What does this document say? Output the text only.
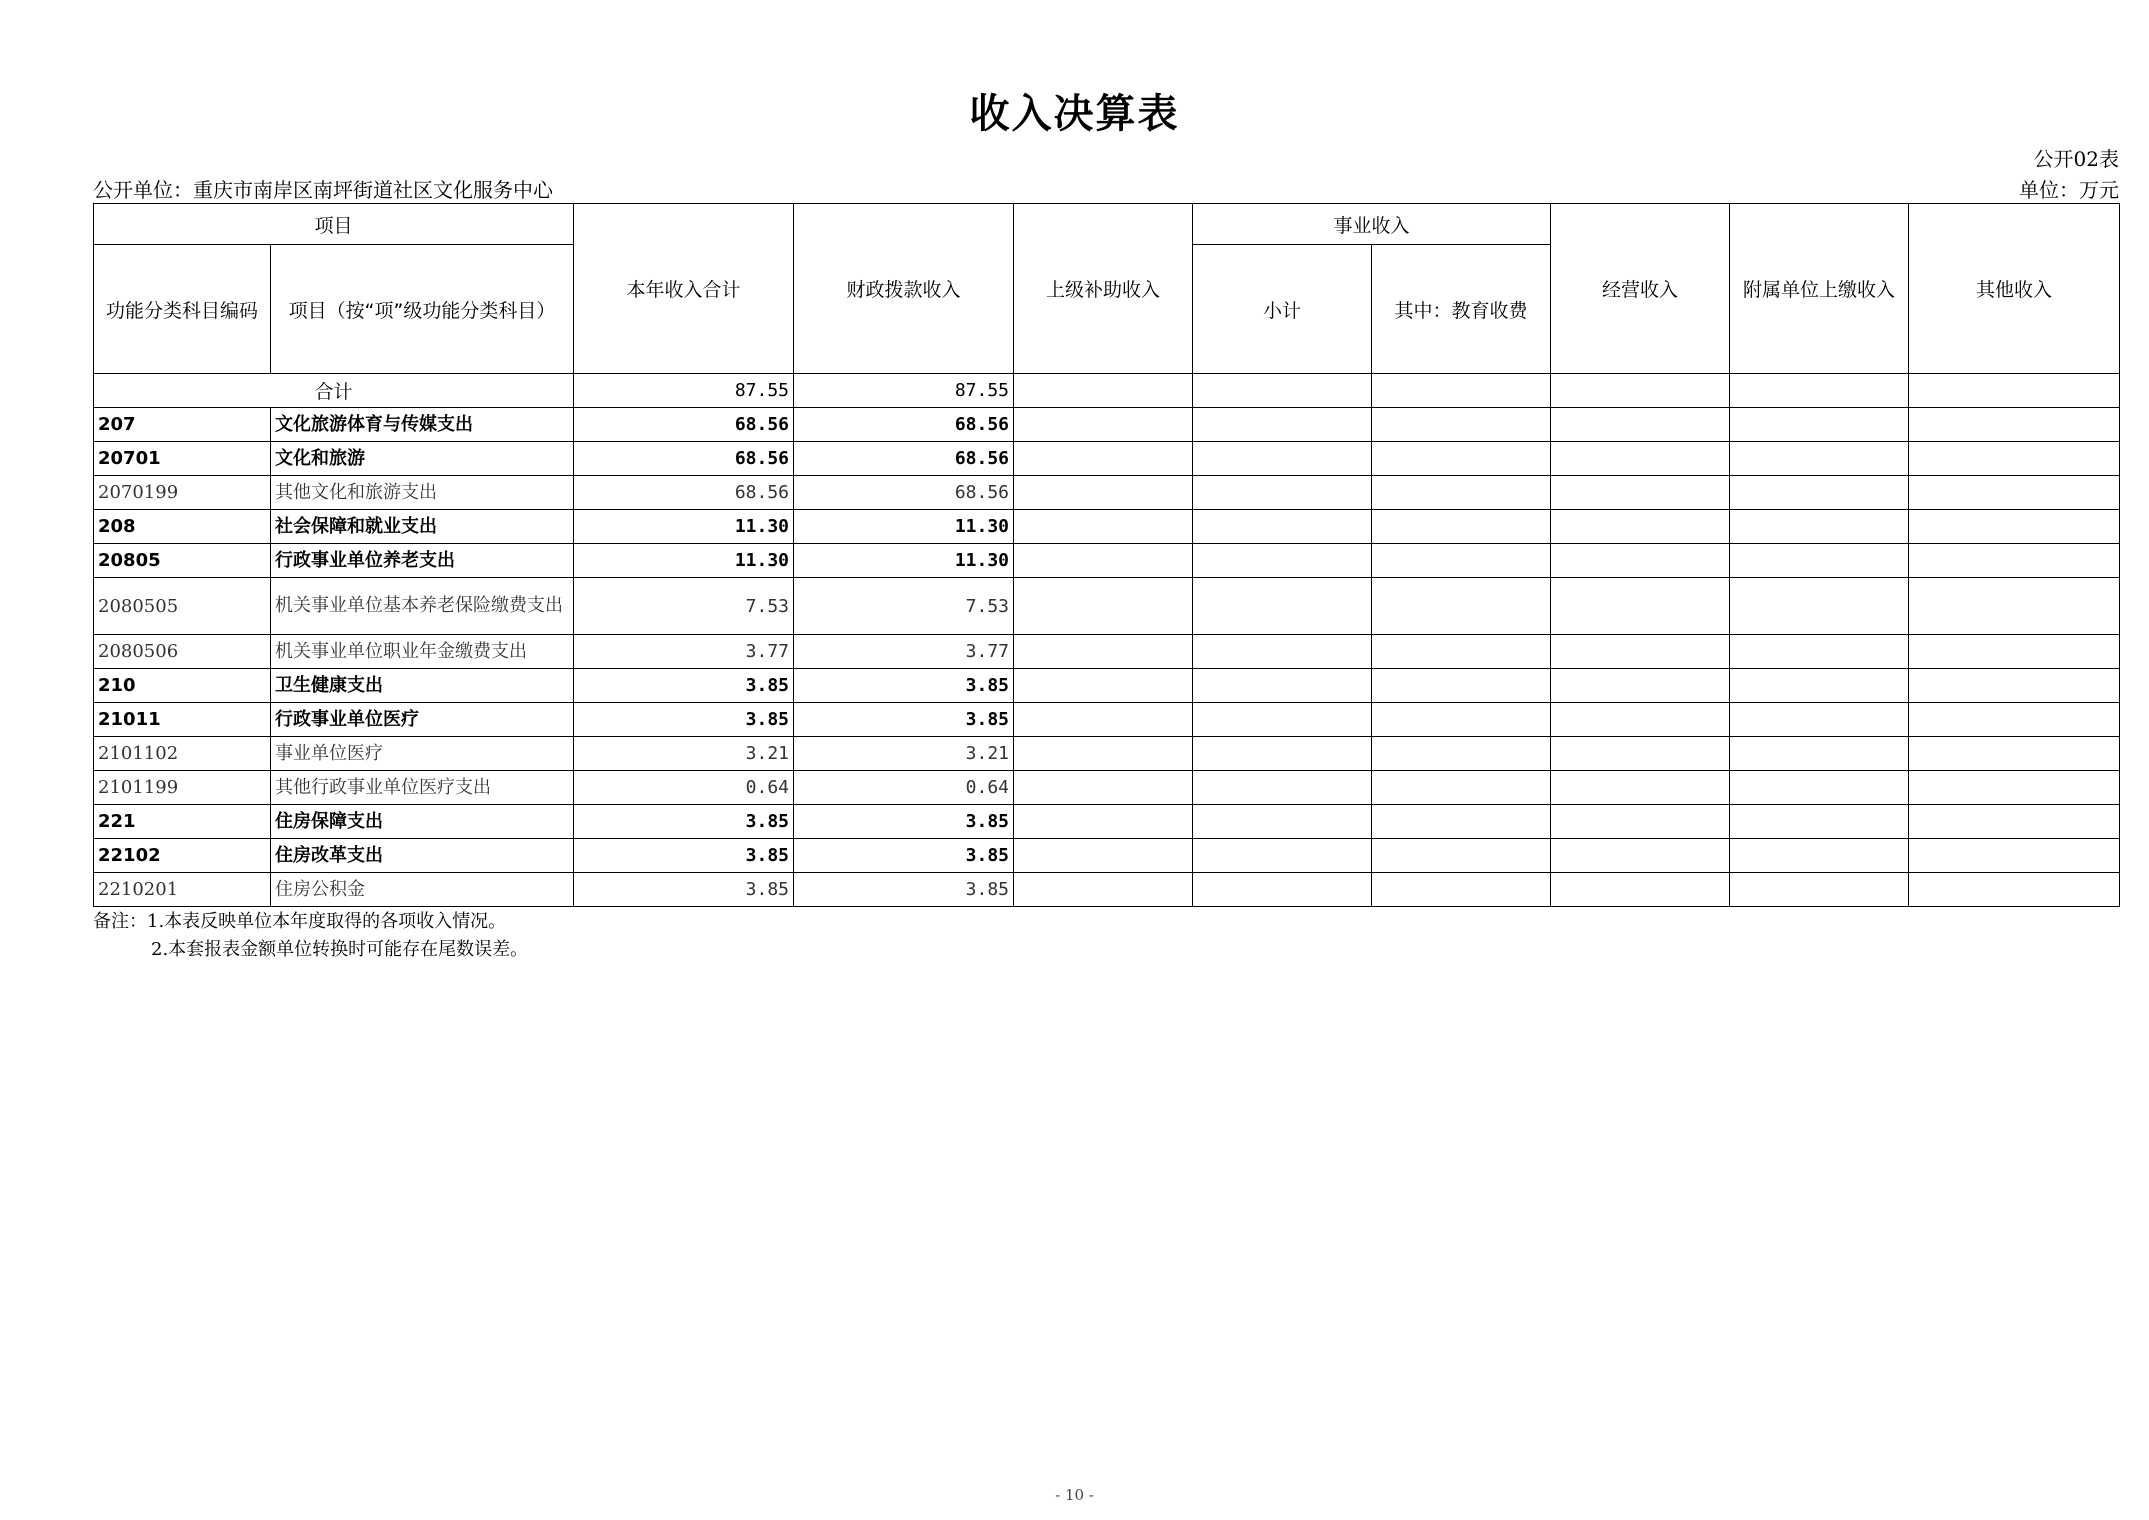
收入决算表
公开02表
公开单位：重庆市南岸区南坪街道社区文化服务中心	单位：万元
项目		本年收入合计	财政拨款收入	上级补助收入	事业收入		经营收入	附属单位上缴收入	其他收入
功能分类科目编码	项目（按“项”级功能分类科目）				小计	其中：教育收费			
合计		87.55	87.55						
207	文化旅游体育与传媒支出	68.56	68.56						
20701	文化和旅游	68.56	68.56						
2070199	其他文化和旅游支出	68.56	68.56						
208	社会保障和就业支出	11.30	11.30						
20805	行政事业单位养老支出	11.30	11.30						
2080505	机关事业单位基本养老保险缴费支出	7.53	7.53						
2080506	机关事业单位职业年金缴费支出	3.77	3.77						
210	卫生健康支出	3.85	3.85						
21011	行政事业单位医疗	3.85	3.85						
2101102	事业单位医疗	3.21	3.21						
2101199	其他行政事业单位医疗支出	0.64	0.64						
221	住房保障支出	3.85	3.85						
22102	住房改革支出	3.85	3.85						
2210201	住房公积金	3.85	3.85						
备注：1.本表反映单位本年度取得的各项收入情况。
2.本套报表金额单位转换时可能存在尾数误差。
- 10 -
